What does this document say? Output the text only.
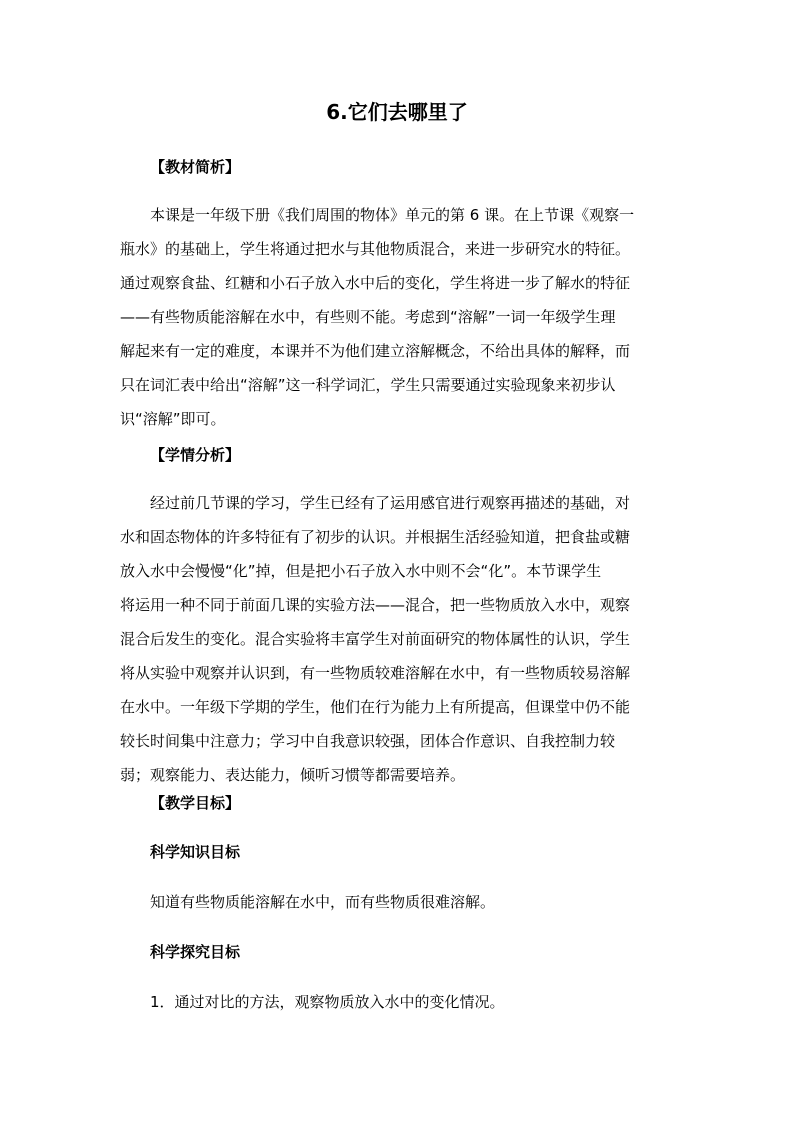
6.它们去哪里了
【教材简析】
本课是一年级下册《我们周围的物体》单元的第 6 课。在上节课《观察一
瓶水》的基础上，学生将通过把水与其他物质混合，来进一步研究水的特征。
通过观察食盐、红糖和小石子放入水中后的变化，学生将进一步了解水的特征
——有些物质能溶解在水中，有些则不能。考虑到“溶解”一词一年级学生理
解起来有一定的难度，本课并不为他们建立溶解概念，不给出具体的解释，而
只在词汇表中给出“溶解”这一科学词汇，学生只需要通过实验现象来初步认
识“溶解”即可。
【学情分析】
经过前几节课的学习，学生已经有了运用感官进行观察再描述的基础，对
水和固态物体的许多特征有了初步的认识。并根据生活经验知道，把食盐或糖
放入水中会慢慢“化”掉，但是把小石子放入水中则不会“化”。本节课学生
将运用一种不同于前面几课的实验方法——混合，把一些物质放入水中，观察
混合后发生的变化。混合实验将丰富学生对前面研究的物体属性的认识，学生
将从实验中观察并认识到，有一些物质较难溶解在水中，有一些物质较易溶解
在水中。一年级下学期的学生，他们在行为能力上有所提高，但课堂中仍不能
较长时间集中注意力；学习中自我意识较强，团体合作意识、自我控制力较
弱；观察能力、表达能力，倾听习惯等都需要培养。
【教学目标】
科学知识目标
知道有些物质能溶解在水中，而有些物质很难溶解。
科学探究目标
1．通过对比的方法，观察物质放入水中的变化情况。
